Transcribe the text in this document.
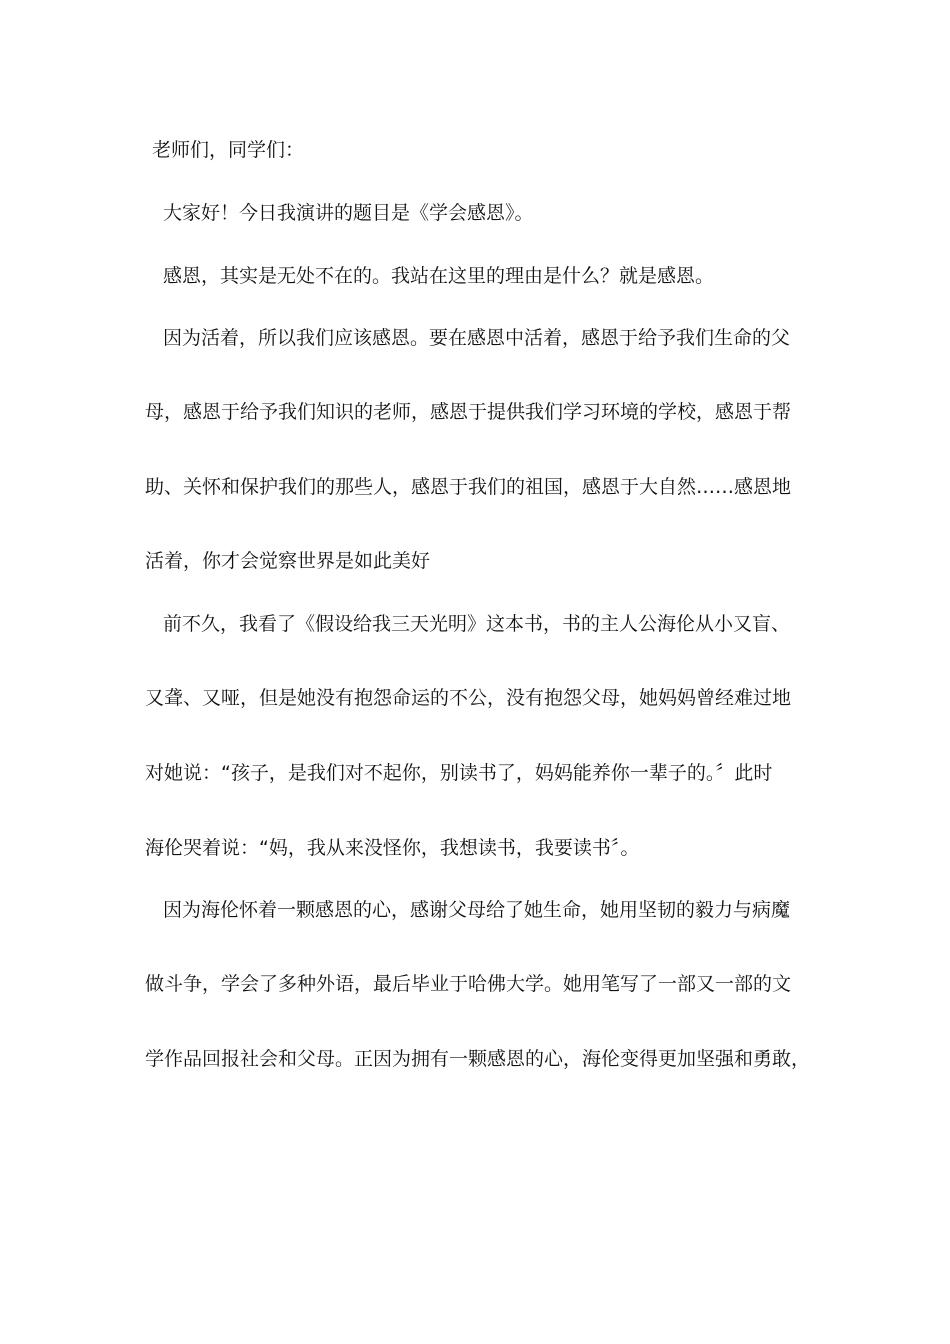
老师们，同学们：
大家好！今日我演讲的题目是《学会感恩》。
感恩，其实是无处不在的。我站在这里的理由是什么？就是感恩。
因为活着，所以我们应该感恩。要在感恩中活着，感恩于给予我们生命的父
母，感恩于给予我们知识的老师，感恩于提供我们学习环境的学校，感恩于帮
助、关怀和保护我们的那些人，感恩于我们的祖国，感恩于大自然……感恩地
活着，你才会觉察世界是如此美好
前不久，我看了《假设给我三天光明》这本书，书的主人公海伦从小又盲、
又聋、又哑，但是她没有抱怨命运的不公，没有抱怨父母，她妈妈曾经难过地
对她说：“孩子，是我们对不起你，别读书了，妈妈能养你一辈子的。〞此时
海伦哭着说：“妈，我从来没怪你，我想读书，我要读书〞。
因为海伦怀着一颗感恩的心，感谢父母给了她生命，她用坚韧的毅力与病魔
做斗争，学会了多种外语，最后毕业于哈佛大学。她用笔写了一部又一部的文
学作品回报社会和父母。正因为拥有一颗感恩的心，海伦变得更加坚强和勇敢，
